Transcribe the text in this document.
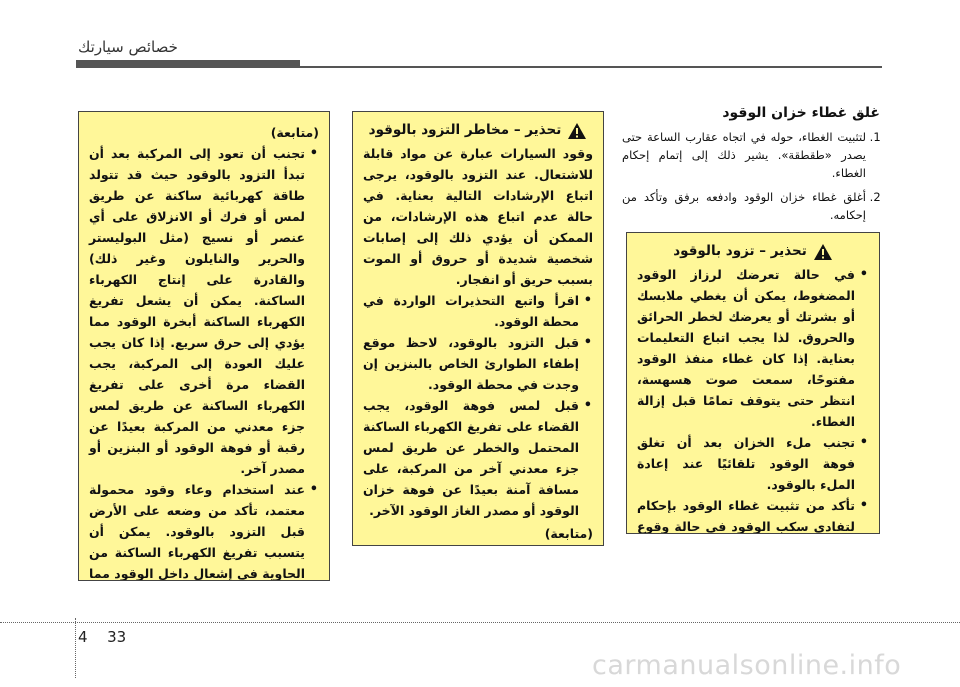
خصائص سيارتك
(متابعة)
• تجنب أن تعود إلى المركبة بعد أن تبدأ التزود بالوقود حيث قد تتولد طاقة كهربائية ساكنة عن طريق لمس أو فرك أو الانزلاق على أي عنصر أو نسيج (مثل البوليستر والحرير والنايلون وغير ذلك) والقادرة على إنتاج الكهرباء الساكنة. يمكن أن يشعل تفريغ الكهرباء الساكنة أبخرة الوقود مما يؤدي إلى حرق سريع. إذا كان يجب عليك العودة إلى المركبة، يجب القضاء مرة أخرى على تفريغ الكهرباء الساكنة عن طريق لمس جزء معدني من المركبة بعيدًا عن رقبة أو فوهة الوقود أو البنزين أو مصدر آخر.
• عند استخدام وعاء وقود محمولة معتمد، تأكد من وضعه على الأرض قبل التزود بالوقود. يمكن أن يتسبب تفريغ الكهرباء الساكنة من الحاوية في إشعال داخل الوقود مما
تحذير – مخاطر التزود بالوقود

وقود السيارات عبارة عن مواد قابلة للاشتعال. عند التزود بالوقود، يرجى اتباع الإرشادات التالية بعناية. في حالة عدم اتباع هذه الإرشادات، من الممكن أن يؤدي ذلك إلى إصابات شخصية شديدة أو حروق أو الموت بسبب حريق أو انفجار.

• اقرأ واتبع التحذيرات الواردة في محطة الوقود.
• قبل التزود بالوقود، لاحظ موقع إطفاء الطوارئ الخاص بالبنزين إن وجدت في محطة الوقود.
• قبل لمس فوهة الوقود، يجب القضاء على تفريغ الكهرباء الساكنة المحتمل والخطر عن طريق لمس جزء معدني آخر من المركبة، على مسافة آمنة بعيدًا عن فوهة خزان الوقود أو مصدر الغاز الوقود الآخر.
(متابعة)
غلق غطاء خزان الوقود
1. لتثبيت الغطاء، حوله في اتجاه عقارب الساعة حتى يصدر «طقطقة». يشير ذلك إلى إتمام إحكام الغطاء.
2. أغلق غطاء خزان الوقود وادفعه برفق وتأكد من إحكامه.
تحذير – تزود بالوقود
• في حالة تعرضك لرزاز الوقود المضغوط، يمكن أن يغطي ملابسك أو بشرتك أو يعرضك لخطر الحرائق والحروق. لذا يجب اتباع التعليمات بعناية. إذا كان غطاء منفذ الوقود مفتوحًا، سمعت صوت هسهسة، انتظر حتى يتوقف تمامًا قبل إزالة الغطاء.
• تجنب ملء الخزان بعد أن تغلق فوهة الوقود تلقائيًا عند إعادة الملء بالوقود.
• تأكد من تثبيت غطاء الوقود بإحكام لتفادي سكب الوقود في حالة وقوع
4 33
carmanualsonline.info
